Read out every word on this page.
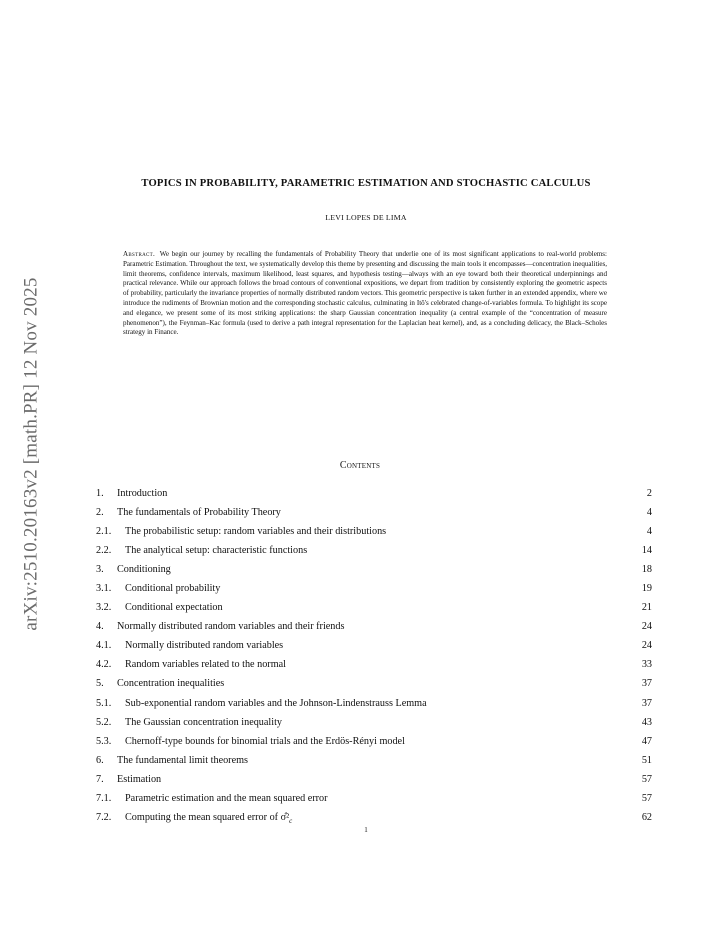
arXiv:2510.20163v2 [math.PR] 12 Nov 2025
TOPICS IN PROBABILITY, PARAMETRIC ESTIMATION AND STOCHASTIC CALCULUS
LEVI LOPES DE LIMA

Abstract. We begin our journey by recalling the fundamentals of Probability Theory that underlie one of its most significant applications to real-world problems: Parametric Estimation. Throughout the text, we systematically develop this theme by presenting and discussing the main tools it encompasses—concentration inequalities, limit theorems, confidence intervals, maximum likelihood, least squares, and hypothesis testing—always with an eye toward both their theoretical underpinnings and practical relevance. While our approach follows the broad contours of conventional expositions, we depart from tradition by consistently exploring the geometric aspects of probability, particularly the invariance properties of normally distributed random vectors. This geometric perspective is taken further in an extended appendix, where we introduce the rudiments of Brownian motion and the corresponding stochastic calculus, culminating in Itô's celebrated change-of-variables formula. To highlight its scope and elegance, we present some of its most striking applications: the sharp Gaussian concentration inequality (a central example of the “concentration of measure phenomenon”), the Feynman–Kac formula (used to derive a path integral representation for the Laplacian heat kernel), and, as a concluding delicacy, the Black–Scholes strategy in Finance.

Contents
1. Introduction	2
2. The fundamentals of Probability Theory	4
2.1. The probabilistic setup: random variables and their distributions	4
2.2. The analytical setup: characteristic functions	14
3. Conditioning	18
3.1. Conditional probability	19
3.2. Conditional expectation	21
4. Normally distributed random variables and their friends	24
4.1. Normally distributed random variables	24
4.2. Random variables related to the normal	33
5. Concentration inequalities	37
5.1. Sub-exponential random variables and the Johnson-Lindenstrauss Lemma	37
5.2. The Gaussian concentration inequality	43
5.3. Chernoff-type bounds for binomial trials and the Erdös-Rényi model	47
6. The fundamental limit theorems	51
7. Estimation	57
7.1. Parametric estimation and the mean squared error	57
7.2. Computing the mean squared error of $\sigmâ^2_c$	62
1
